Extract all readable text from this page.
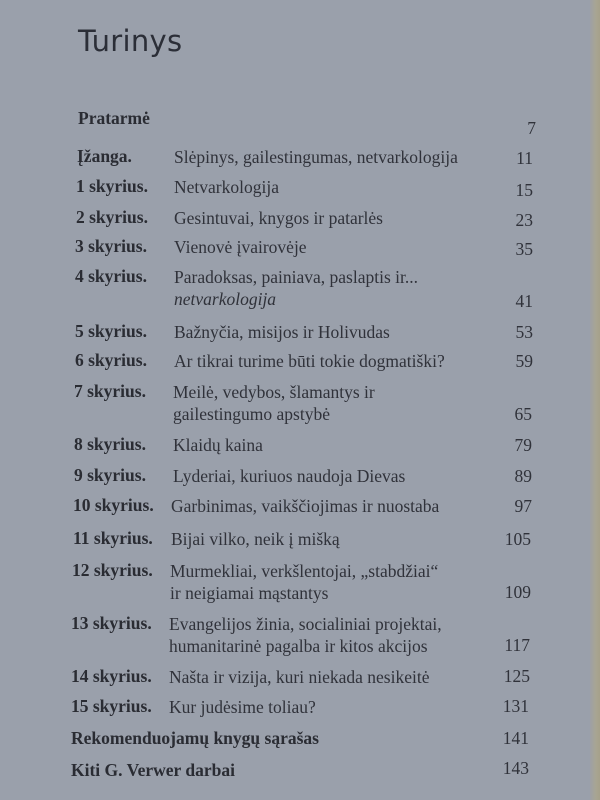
Turinys
Pratarmė	7
Įžanga. Slėpinys, gailestingumas, netvarkologija	11
1 skyrius. Netvarkologija	15
2 skyrius. Gesintuvai, knygos ir patarlės	23
3 skyrius. Vienovė įvairovėje	35
4 skyrius. Paradoksas, painiava, paslaptis ir...
netvarkologija	41
5 skyrius. Bažnyčia, misijos ir Holivudas	53
6 skyrius. Ar tikrai turime būti tokie dogmatiški?	59
7 skyrius. Meilė, vedybos, šlamantys ir
gailestingumo apstybė	65
8 skyrius. Klaidų kaina	79
9 skyrius. Lyderiai, kuriuos naudoja Dievas	89
10 skyrius. Garbinimas, vaikščiojimas ir nuostaba	97
11 skyrius. Bijai vilko, neik į mišką	105
12 skyrius. Murmekliai, verkšlentojai, „stabdžiai“
ir neigiamai mąstantys	109
13 skyrius. Evangelijos žinia, socialiniai projektai,
humanitarinė pagalba ir kitos akcijos	117
14 skyrius. Našta ir vizija, kuri niekada nesikeitė	125
15 skyrius. Kur judėsime toliau?	131
Rekomenduojamų knygų sąrašas	141
Kiti G. Verwer darbai	143
